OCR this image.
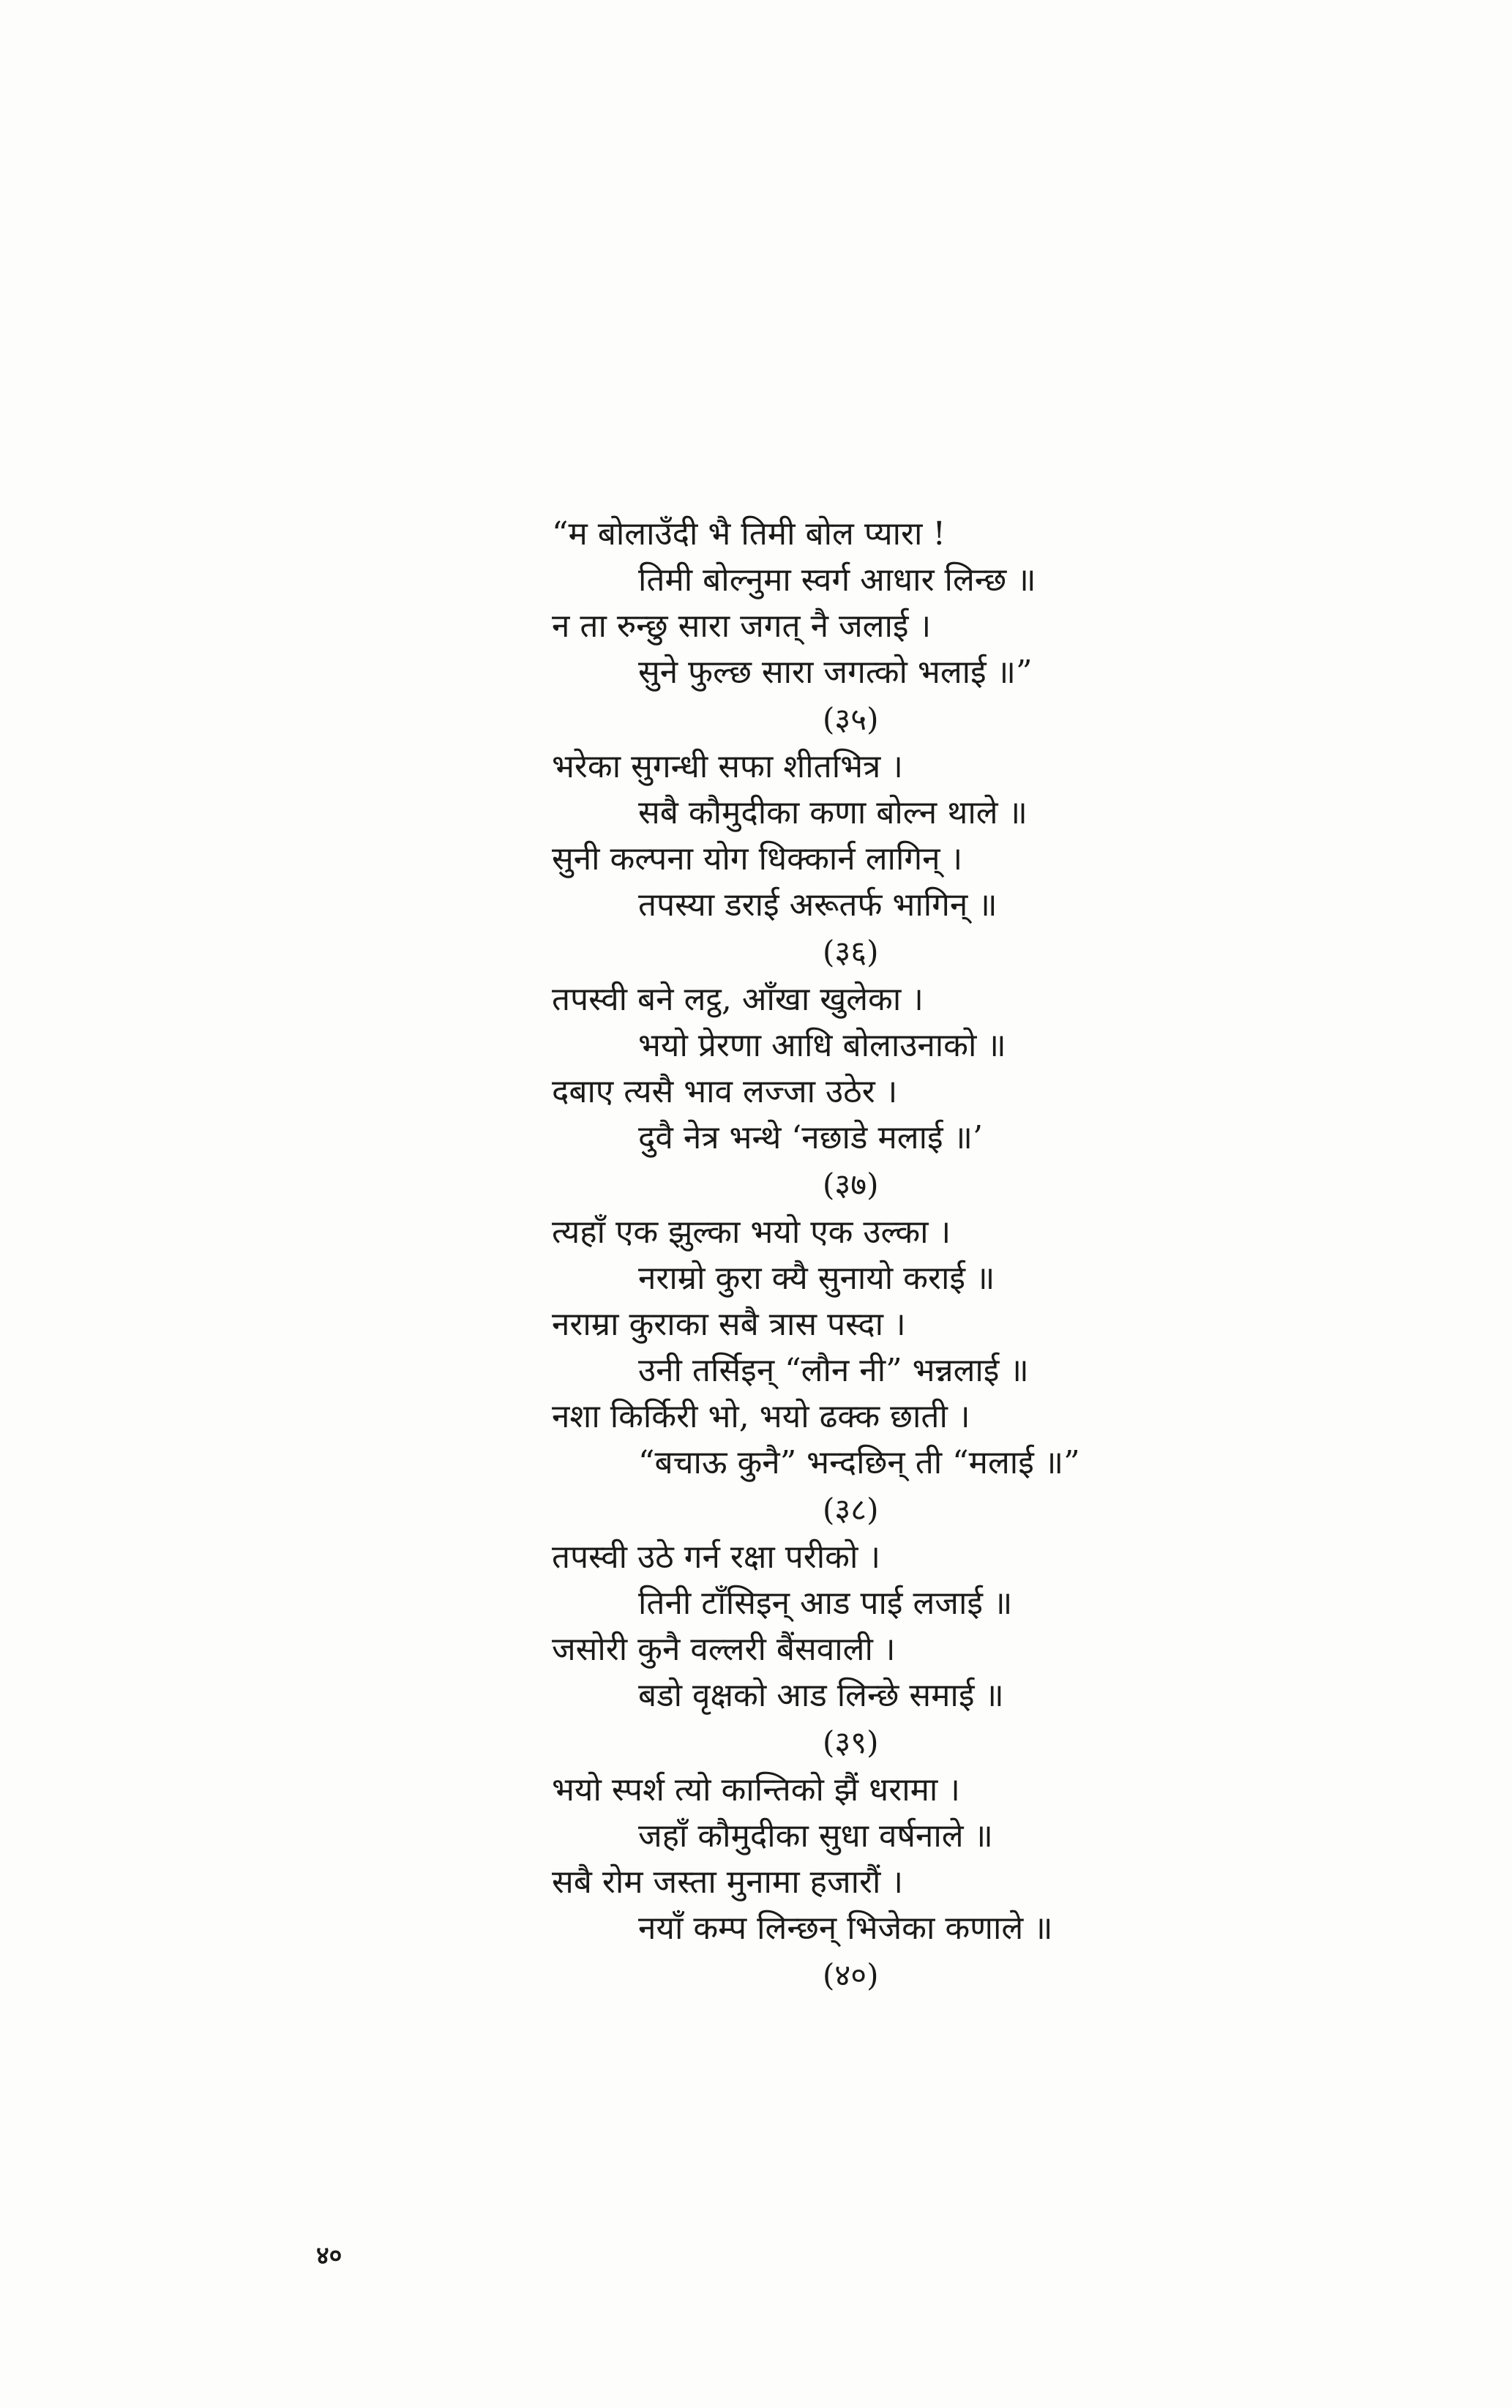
“म बोलाउँदी भै तिमी बोल प्यारा !
तिमी बोल्नुमा स्वर्ग आधार लिन्छ ॥
न ता रुन्छु सारा जगत् नै जलाई ।
सुने फुल्छ सारा जगत्को भलाई ॥”
(३५)
भरेका सुगन्धी सफा शीतभित्र ।
सबै कौमुदीका कणा बोल्न थाले ॥
सुनी कल्पना योग धिक्कार्न लागिन् ।
तपस्या डराई अरूतर्फ भागिन् ॥
(३६)
तपस्वी बने लट्ठ, आँखा खुलेका ।
भयो प्रेरणा आधि बोलाउनाको ॥
दबाए त्यसै भाव लज्जा उठेर ।
दुवै नेत्र भन्थे ‘नछाडे मलाई ॥’
(३७)
त्यहाँ एक झुल्का भयो एक उल्का ।
नराम्रो कुरा क्यै सुनायो कराई ॥
नराम्रा कुराका सबै त्रास पस्दा ।
उनी तर्सिइन् “लौन नी” भन्नलाई ॥
नशा किर्किरी भो, भयो ढक्क छाती ।
“बचाऊ कुनै” भन्दछिन् ती “मलाई ॥”
(३८)
तपस्वी उठे गर्न रक्षा परीको ।
तिनी टाँसिइन् आड पाई लजाई ॥
जसोरी कुनै वल्लरी बैंसवाली ।
बडो वृक्षको आड लिन्छे समाई ॥
(३९)
भयो स्पर्श त्यो कान्तिको झैं धरामा ।
जहाँ कौमुदीका सुधा वर्षनाले ॥
सबै रोम जस्ता मुनामा हजारौं ।
नयाँ कम्प लिन्छन् भिजेका कणाले ॥
(४०)
४०
